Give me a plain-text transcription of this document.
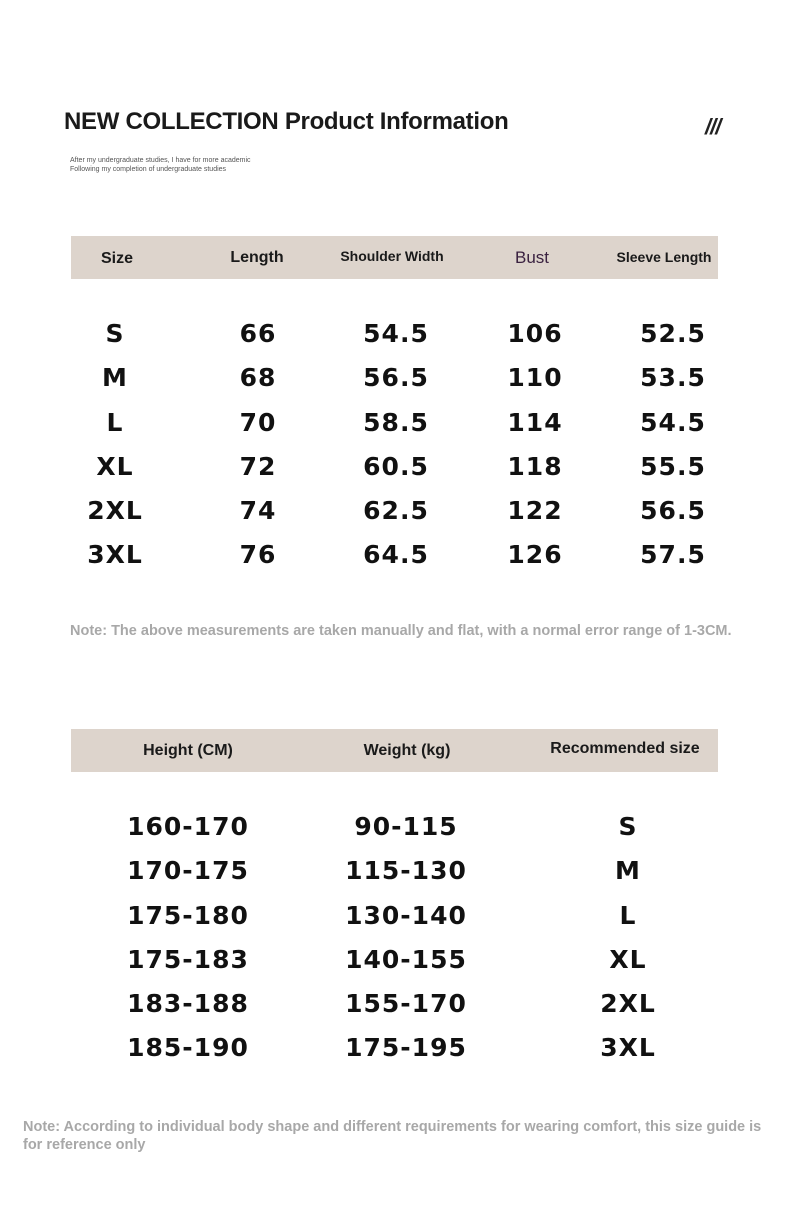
NEW COLLECTION Product Information	///
After my undergraduate studies, I have for more academic
Following my completion of undergraduate studies
Size	Length	Shoulder Width	Bust	Sleeve Length
S	66	54.5	106	52.5
M	68	56.5	110	53.5
L	70	58.5	114	54.5
XL	72	60.5	118	55.5
2XL	74	62.5	122	56.5
3XL	76	64.5	126	57.5
Note: The above measurements are taken manually and flat, with a normal error range of 1-3CM.
Height (CM)	Weight (kg)	Recommended size
160-170	90-115	S
170-175	115-130	M
175-180	130-140	L
175-183	140-155	XL
183-188	155-170	2XL
185-190	175-195	3XL
Note: According to individual body shape and different requirements for wearing comfort, this size guide is for reference only
